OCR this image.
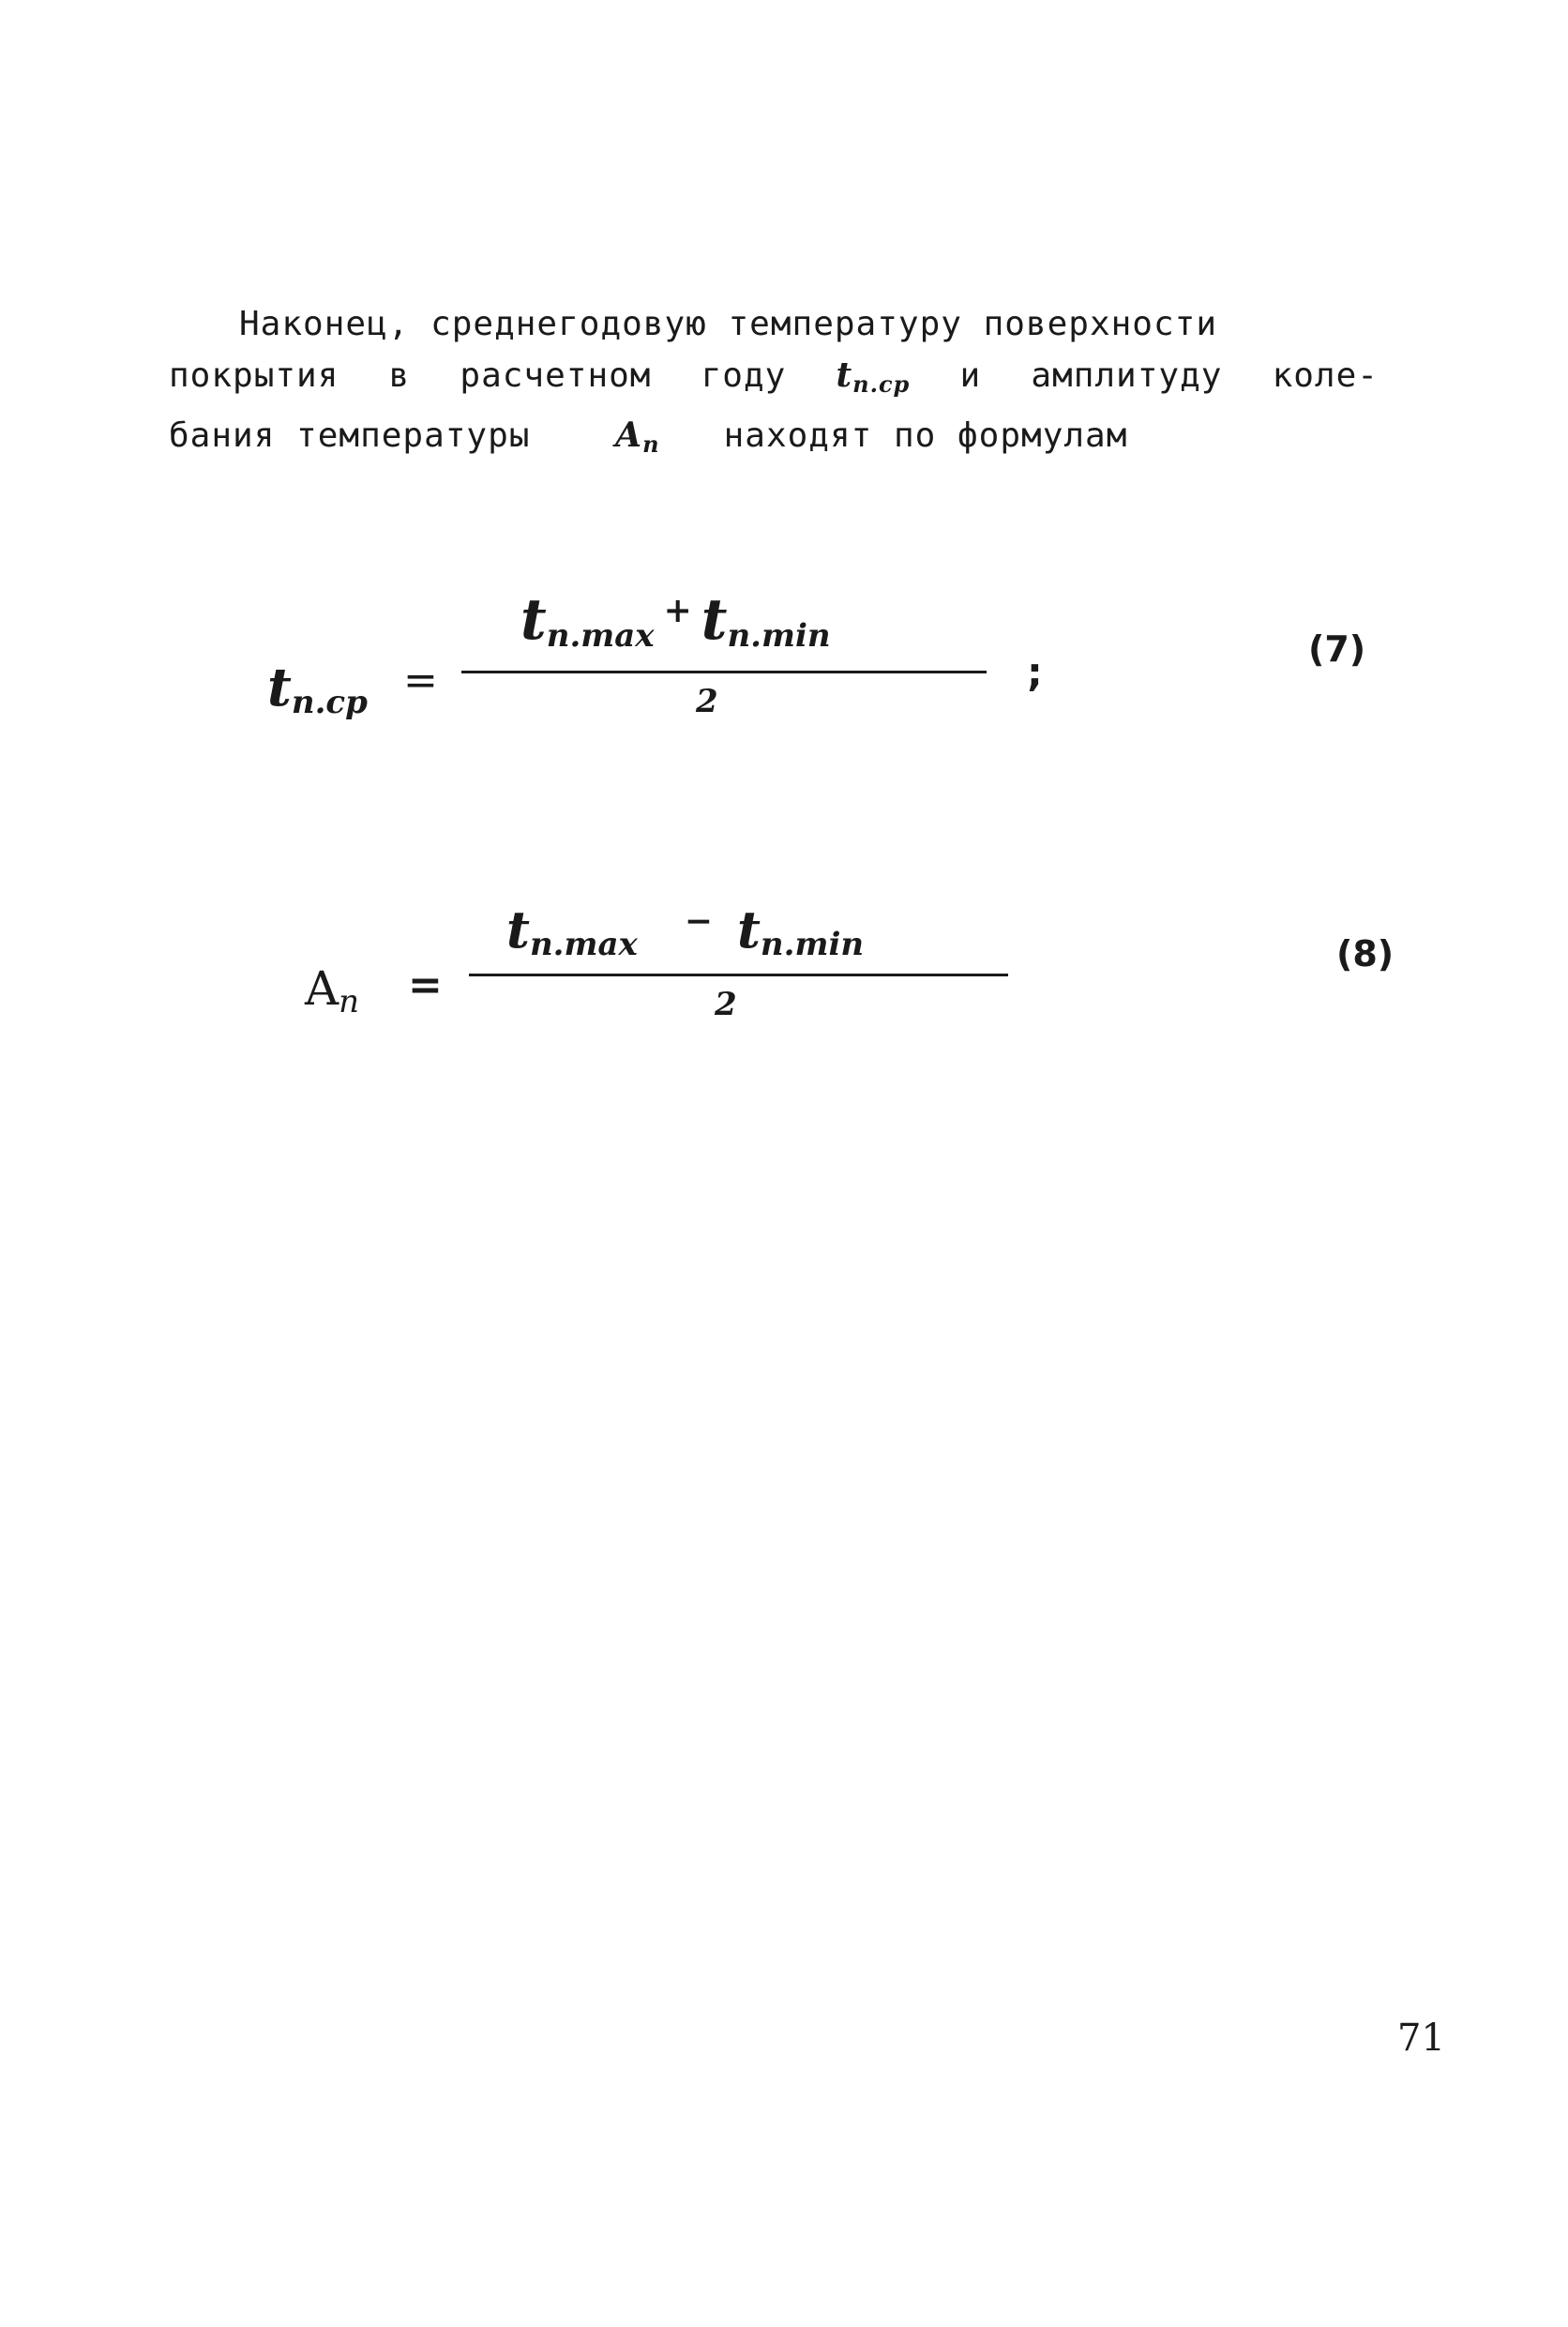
Наконец, среднегодовую температуру поверхности
покрытия в расчетном году $t_{п.ср}$ и амплитуду коле-
бания температуры	$A_п$ находят по формулам
$t_{п.ср}$ =
$t_{п.max}^+$ $t_{п.min}$
2
;	(7)
$A_п$ =
$t_{п.max}^-$ $t_{п.min}$
2
(8)
71
